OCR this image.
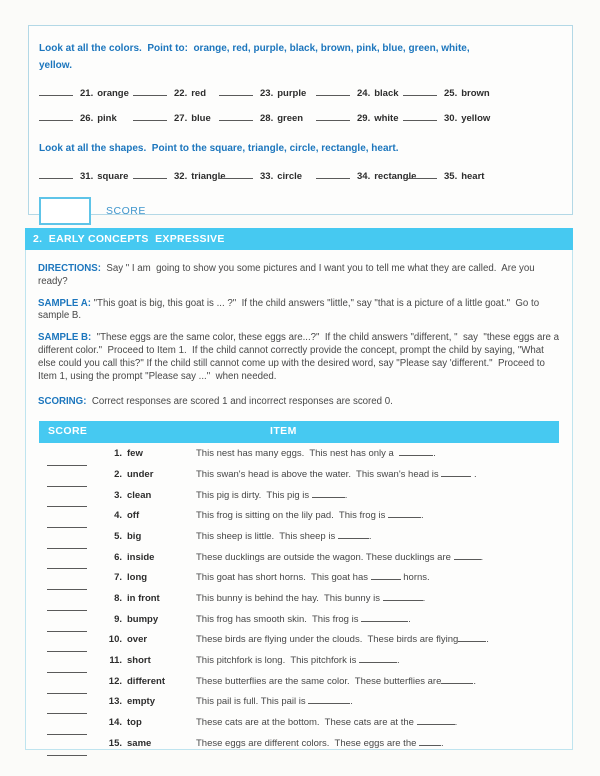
Look at all the colors.  Point to:  orange, red, purple, black, brown, pink, blue, green, white,
yellow.
21. orange	22. red	23. purple	24. black	25. brown
26. pink	27. blue	28. green	29. white	30. yellow
Look at all the shapes.  Point to the square, triangle, circle, rectangle, heart.
31. square	32. triangle	33. circle	34. rectangle	35. heart
SCORE
2.  EARLY CONCEPTS  EXPRESSIVE
DIRECTIONS:  Say " I am  going to show you some pictures and I want you to tell me what they are called.  Are you ready?
SAMPLE A: "This goat is big, this goat is ... ?"  If the child answers "little," say "that is a picture of a little goat."  Go to sample B.
SAMPLE B:  "These eggs are the same color, these eggs are...?"  If the child answers "different, "  say  "these eggs are a different color."  Proceed to Item 1.  If the child cannot correctly provide the concept, prompt the child by saying, "What else could you call this?" If the child still cannot come up with the desired word, say "Please say 'different."  Proceed to Item 1, using the prompt "Please say ..."  when needed.
SCORING:  Correct responses are scored 1 and incorrect responses are scored 0.
SCORE	ITEM
1. few	This nest has many eggs.  This nest has only a	.
2. under	This swan's head is above the water.  This swan's head is	.
3. clean	This pig is dirty.  This pig is	.
4. off	This frog is sitting on the lily pad.  This frog is	.
5. big	This sheep is little.  This sheep is	.
6. inside	These ducklings are outside the wagon. These ducklings are	.
7. long	This goat has short horns.  This goat has	horns.
8. in front	This bunny is behind the hay.  This bunny is	.
9. bumpy	This frog has smooth skin.  This frog is	.
10. over	These birds are flying under the clouds.  These birds are flying	.
11. short	This pitchfork is long.  This pitchfork is	.
12. different	These butterflies are the same color.  These butterflies are	.
13. empty	This pail is full. This pail is	.
14. top	These cats are at the bottom.  These cats are at the	.
15. same	These eggs are different colors.  These eggs are the .
